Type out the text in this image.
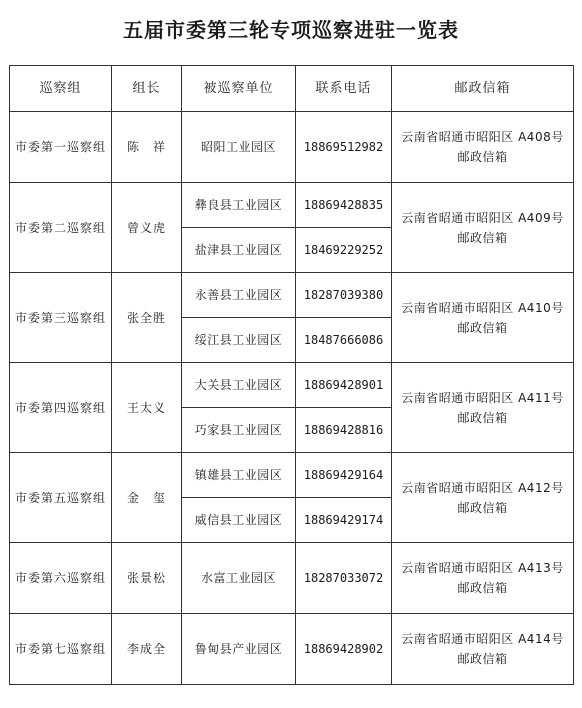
五届市委第三轮专项巡察进驻一览表
巡察组	组长	被巡察单位	联系电话	邮政信箱
市委第一巡察组	陈　祥	昭阳工业园区	18869512982	云南省昭通市昭阳区 A408号邮政信箱
市委第二巡察组	曾义虎	彝良县工业园区	18869428835	云南省昭通市昭阳区 A409号邮政信箱
		盐津县工业园区	18469229252	
市委第三巡察组	张全胜	永善县工业园区	18287039380	云南省昭通市昭阳区 A410号邮政信箱
		绥江县工业园区	18487666086	
市委第四巡察组	王太义	大关县工业园区	18869428901	云南省昭通市昭阳区 A411号邮政信箱
		巧家县工业园区	18869428816	
市委第五巡察组	金　玺	镇雄县工业园区	18869429164	云南省昭通市昭阳区 A412号邮政信箱
		威信县工业园区	18869429174	
市委第六巡察组	张景松	水富工业园区	18287033072	云南省昭通市昭阳区 A413号邮政信箱
市委第七巡察组	李成全	鲁甸县产业园区	18869428902	云南省昭通市昭阳区 A414号邮政信箱
